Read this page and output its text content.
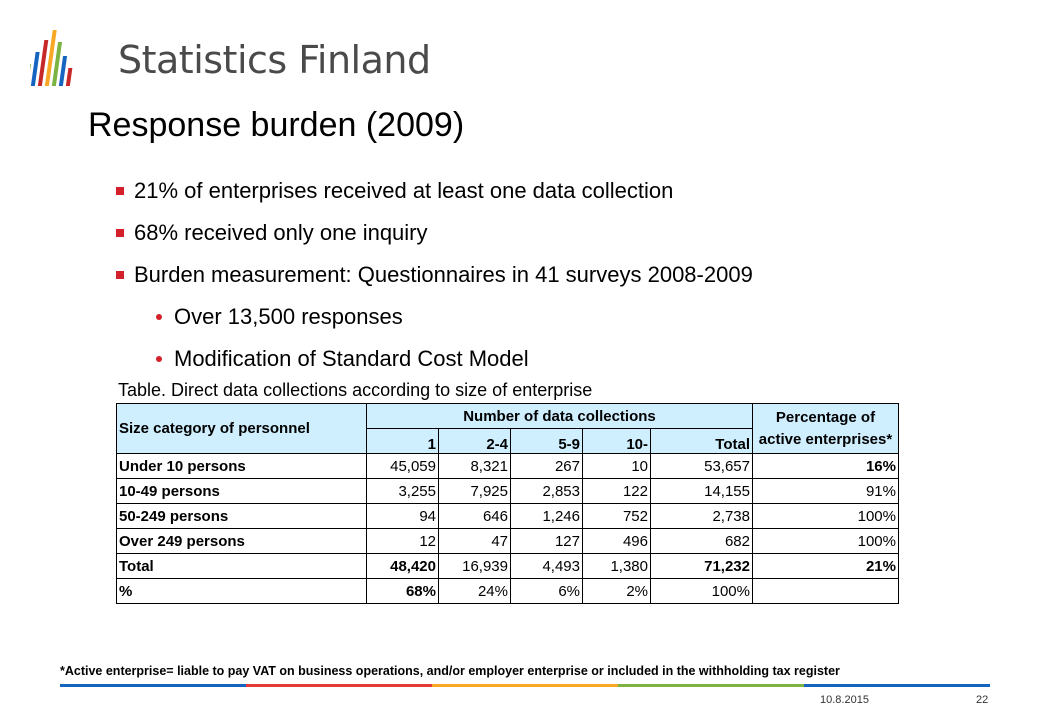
Statistics Finland
Response burden (2009)
21% of enterprises received at least one data collection
68% received only one inquiry
Burden measurement: Questionnaires in 41 surveys 2008-2009
Over 13,500 responses
Modification of Standard Cost Model
Table. Direct data collections according to size of enterprise
Size category of personnel	Number of data collections					Percentage of active enterprises*
	1	2-4	5-9	10-	Total	
Under 10 persons	45,059	8,321	267	10	53,657	16%
10-49 persons	3,255	7,925	2,853	122	14,155	91%
50-249 persons	94	646	1,246	752	2,738	100%
Over 249 persons	12	47	127	496	682	100%
Total	48,420	16,939	4,493	1,380	71,232	21%
%	68%	24%	6%	2%	100%	
*Active enterprise= liable to pay VAT on business operations, and/or employer enterprise or included in the withholding tax register
10.8.2015	22
